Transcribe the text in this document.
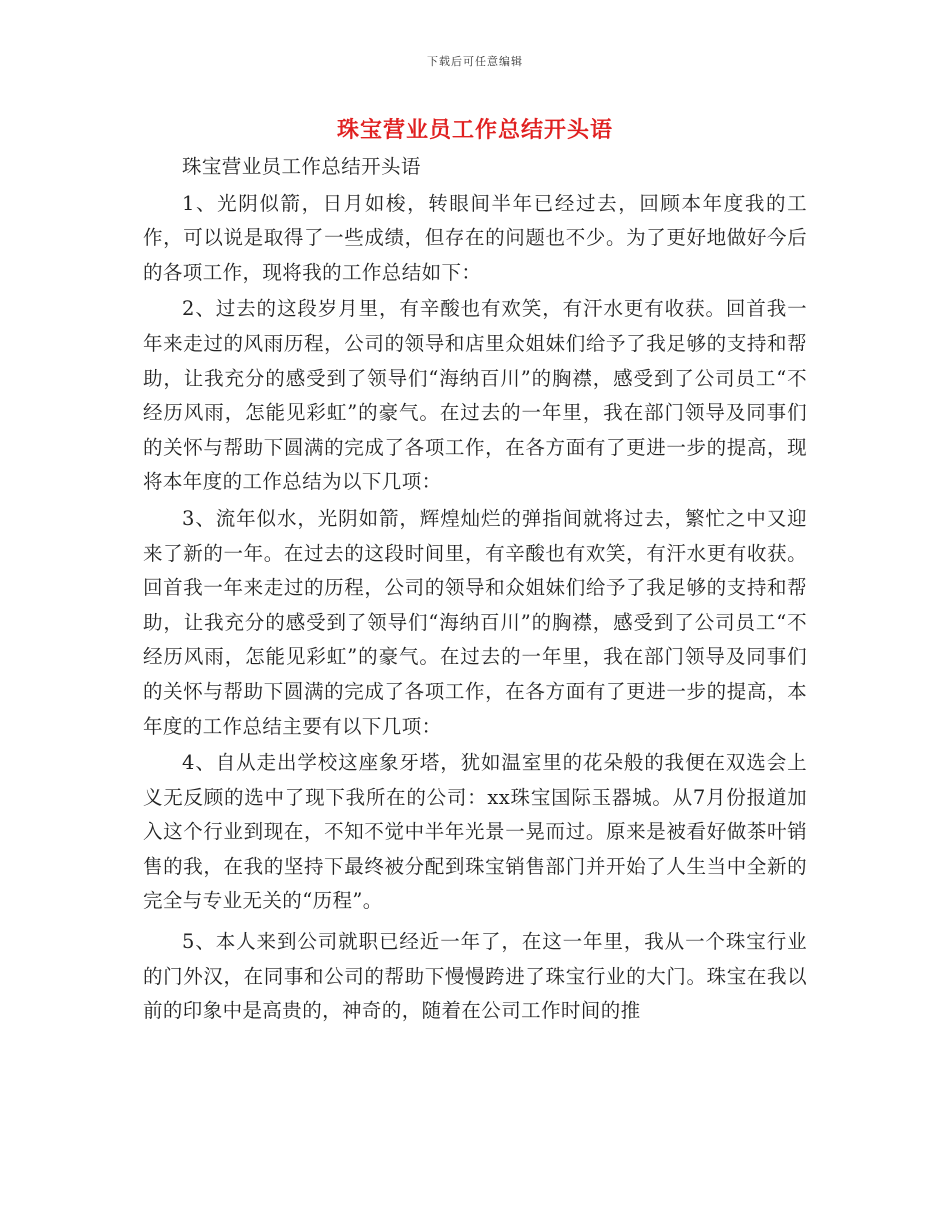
下载后可任意编辑
珠宝营业员工作总结开头语

珠宝营业员工作总结开头语

1、光阴似箭，日月如梭，转眼间半年已经过去，回顾本年度我的工作，可以说是取得了一些成绩，但存在的问题也不少。为了更好地做好今后的各项工作，现将我的工作总结如下：

2、过去的这段岁月里，有辛酸也有欢笑，有汗水更有收获。回首我一年来走过的风雨历程，公司的领导和店里众姐妹们给予了我足够的支持和帮助，让我充分的感受到了领导们“海纳百川”的胸襟，感受到了公司员工“不经历风雨，怎能见彩虹”的豪气。在过去的一年里，我在部门领导及同事们的关怀与帮助下圆满的完成了各项工作，在各方面有了更进一步的提高，现将本年度的工作总结为以下几项：

3、流年似水，光阴如箭，辉煌灿烂的弹指间就将过去，繁忙之中又迎来了新的一年。在过去的这段时间里，有辛酸也有欢笑，有汗水更有收获。回首我一年来走过的历程，公司的领导和众姐妹们给予了我足够的支持和帮助，让我充分的感受到了领导们“海纳百川”的胸襟，感受到了公司员工“不经历风雨，怎能见彩虹”的豪气。在过去的一年里，我在部门领导及同事们的关怀与帮助下圆满的完成了各项工作，在各方面有了更进一步的提高，本年度的工作总结主要有以下几项：

4、自从走出学校这座象牙塔，犹如温室里的花朵般的我便在双选会上义无反顾的选中了现下我所在的公司：xx珠宝国际玉器城。从7月份报道加入这个行业到现在，不知不觉中半年光景一晃而过。原来是被看好做茶叶销售的我，在我的坚持下最终被分配到珠宝销售部门并开始了人生当中全新的完全与专业无关的“历程”。

5、本人来到公司就职已经近一年了，在这一年里，我从一个珠宝行业的门外汉，在同事和公司的帮助下慢慢跨进了珠宝行业的大门。珠宝在我以前的印象中是高贵的，神奇的，随着在公司工作时间的推
